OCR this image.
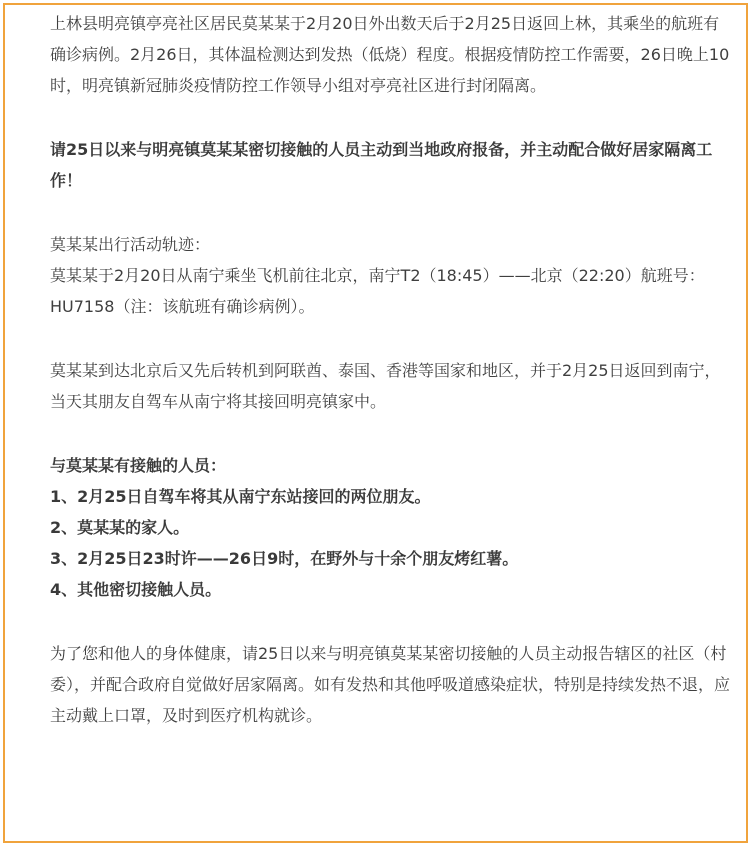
上林县明亮镇亭亮社区居民莫某某于2月20日外出数天后于2月25日返回上林，其乘坐的航班有确诊病例。2月26日，其体温检测达到发热（低烧）程度。根据疫情防控工作需要，26日晚上10时，明亮镇新冠肺炎疫情防控工作领导小组对亭亮社区进行封闭隔离。

请25日以来与明亮镇莫某某密切接触的人员主动到当地政府报备，并主动配合做好居家隔离工作！

莫某某出行活动轨迹：

莫某某于2月20日从南宁乘坐飞机前往北京，南宁T2（18:45）——北京（22:20）航班号：HU7158（注：该航班有确诊病例）。

莫某某到达北京后又先后转机到阿联酋、泰国、香港等国家和地区，并于2月25日返回到南宁，当天其朋友自驾车从南宁将其接回明亮镇家中。

与莫某某有接触的人员：
1、2月25日自驾车将其从南宁东站接回的两位朋友。
2、莫某某的家人。
3、2月25日23时许——26日9时，在野外与十余个朋友烤红薯。
4、其他密切接触人员。

为了您和他人的身体健康，请25日以来与明亮镇莫某某密切接触的人员主动报告辖区的社区（村委），并配合政府自觉做好居家隔离。如有发热和其他呼吸道感染症状，特别是持续发热不退，应主动戴上口罩，及时到医疗机构就诊。
